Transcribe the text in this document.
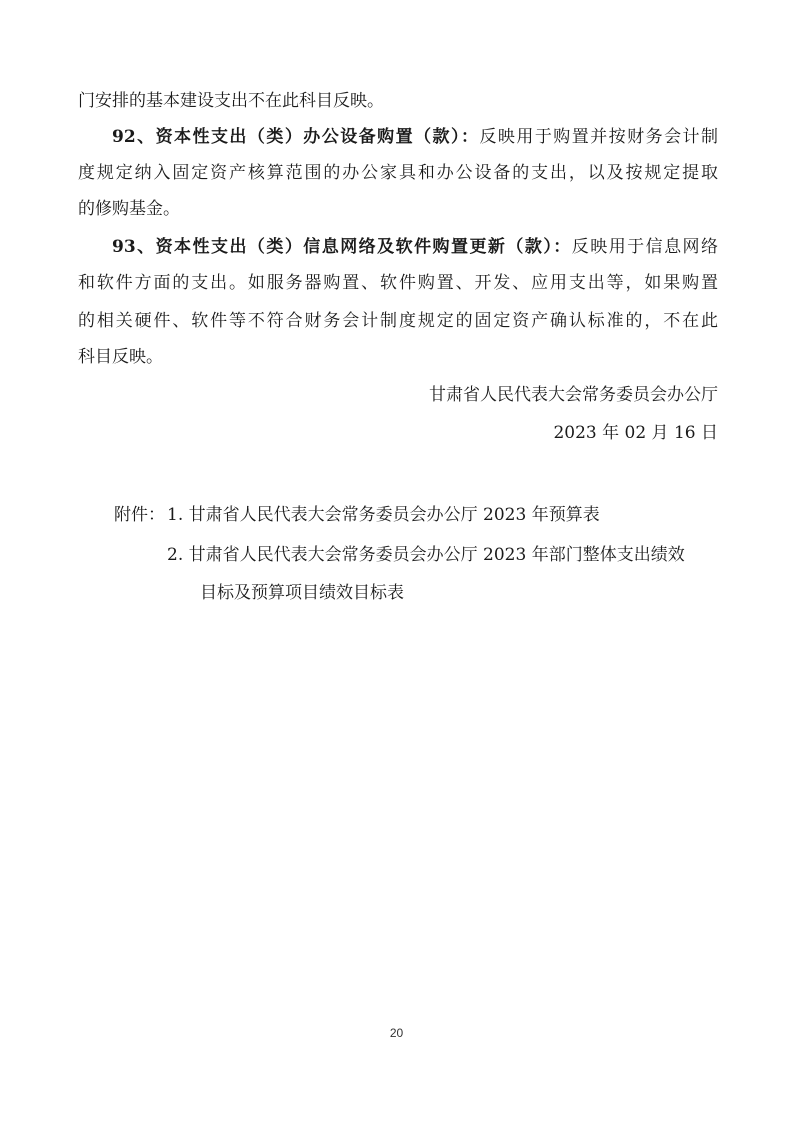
门安排的基本建设支出不在此科目反映。
92、资本性支出（类）办公设备购置（款）：反映用于购置并按财务会计制
度规定纳入固定资产核算范围的办公家具和办公设备的支出，以及按规定提取
的修购基金。
93、资本性支出（类）信息网络及软件购置更新（款）：反映用于信息网络
和软件方面的支出。如服务器购置、软件购置、开发、应用支出等，如果购置
的相关硬件、软件等不符合财务会计制度规定的固定资产确认标准的，不在此
科目反映。
甘肃省人民代表大会常务委员会办公厅
2023 年 02 月 16 日
附件： 1. 甘肃省人民代表大会常务委员会办公厅 2023 年预算表
2. 甘肃省人民代表大会常务委员会办公厅 2023 年部门整体支出绩效
目标及预算项目绩效目标表
20
